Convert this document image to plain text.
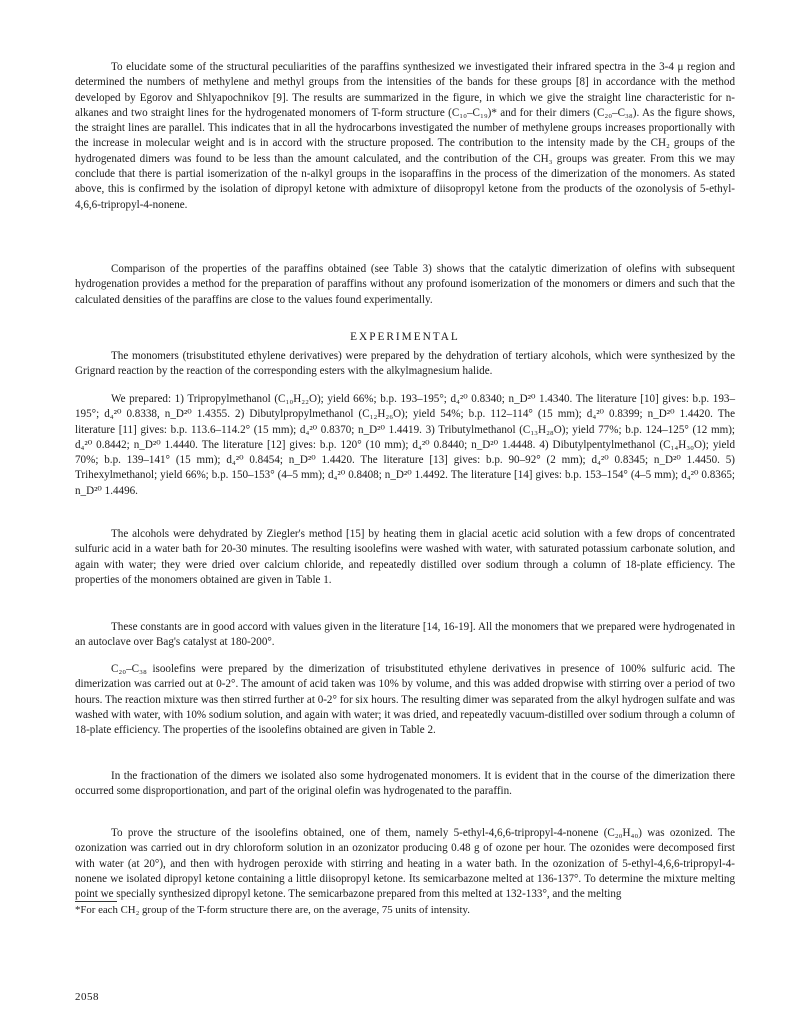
To elucidate some of the structural peculiarities of the paraffins synthesized we investigated their infrared spectra in the 3-4 μ region and determined the numbers of methylene and methyl groups from the intensities of the bands for these groups [8] in accordance with the method developed by Egorov and Shlyapochnikov [9]. The results are summarized in the figure, in which we give the straight line characteristic for n-alkanes and two straight lines for the hydrogenated monomers of T-form structure (C₁₀–C₁₉)* and for their dimers (C₂₀–C₃₈). As the figure shows, the straight lines are parallel. This indicates that in all the hydrocarbons investigated the number of methylene groups increases proportionally with the increase in molecular weight and is in accord with the structure proposed. The contribution to the intensity made by the CH₂ groups of the hydrogenated dimers was found to be less than the amount calculated, and the contribution of the CH₃ groups was greater. From this we may conclude that there is partial isomerization of the n-alkyl groups in the isoparaffins in the process of the dimerization of the monomers. As stated above, this is confirmed by the isolation of dipropyl ketone with admixture of diisopropyl ketone from the products of the ozonolysis of 5-ethyl-4,6,6-tripropyl-4-nonene.

Comparison of the properties of the paraffins obtained (see Table 3) shows that the catalytic dimerization of olefins with subsequent hydrogenation provides a method for the preparation of paraffins without any profound isomerization of the monomers or dimers and such that the calculated densities of the paraffins are close to the values found experimentally.

EXPERIMENTAL

The monomers (trisubstituted ethylene derivatives) were prepared by the dehydration of tertiary alcohols, which were synthesized by the Grignard reaction by the reaction of the corresponding esters with the alkylmagnesium halide.

We prepared: 1) Tripropylmethanol (C₁₀H₂₂O); yield 66%; b.p. 193–195°; d₄²⁰ 0.8340; n_D²⁰ 1.4340. The literature [10] gives: b.p. 193–195°; d₄²⁰ 0.8338, n_D²⁰ 1.4355. 2) Dibutylpropylmethanol (C₁₂H₂₆O); yield 54%; b.p. 112–114° (15 mm); d₄²⁰ 0.8399; n_D²⁰ 1.4420. The literature [11] gives: b.p. 113.6–114.2° (15 mm); d₄²⁰ 0.8370; n_D²⁰ 1.4419. 3) Tributylmethanol (C₁₃H₂₈O); yield 77%; b.p. 124–125° (12 mm); d₄²⁰ 0.8442; n_D²⁰ 1.4440. The literature [12] gives: b.p. 120° (10 mm); d₄²⁰ 0.8440; n_D²⁰ 1.4448. 4) Dibutylpentylmethanol (C₁₄H₃₀O); yield 70%; b.p. 139–141° (15 mm); d₄²⁰ 0.8454; n_D²⁰ 1.4420. The literature [13] gives: b.p. 90–92° (2 mm); d₄²⁰ 0.8345; n_D²⁰ 1.4450. 5) Trihexylmethanol; yield 66%; b.p. 150–153° (4–5 mm); d₄²⁰ 0.8408; n_D²⁰ 1.4492. The literature [14] gives: b.p. 153–154° (4–5 mm); d₄²⁰ 0.8365; n_D²⁰ 1.4496.

The alcohols were dehydrated by Ziegler's method [15] by heating them in glacial acetic acid solution with a few drops of concentrated sulfuric acid in a water bath for 20-30 minutes. The resulting isoolefins were washed with water, with saturated potassium carbonate solution, and again with water; they were dried over calcium chloride, and repeatedly distilled over sodium through a column of 18-plate efficiency. The properties of the monomers obtained are given in Table 1.

These constants are in good accord with values given in the literature [14, 16-19]. All the monomers that we prepared were hydrogenated in an autoclave over Bag's catalyst at 180-200°.

C₂₀–C₃₈ isoolefins were prepared by the dimerization of trisubstituted ethylene derivatives in presence of 100% sulfuric acid. The dimerization was carried out at 0-2°. The amount of acid taken was 10% by volume, and this was added dropwise with stirring over a period of two hours. The reaction mixture was then stirred further at 0-2° for six hours. The resulting dimer was separated from the alkyl hydrogen sulfate and was washed with water, with 10% sodium solution, and again with water; it was dried, and repeatedly vacuum-distilled over sodium through a column of 18-plate efficiency. The properties of the isoolefins obtained are given in Table 2.

In the fractionation of the dimers we isolated also some hydrogenated monomers. It is evident that in the course of the dimerization there occurred some disproportionation, and part of the original olefin was hydrogenated to the paraffin.

To prove the structure of the isoolefins obtained, one of them, namely 5-ethyl-4,6,6-tripropyl-4-nonene (C₂₀H₄₀) was ozonized. The ozonization was carried out in dry chloroform solution in an ozonizator producing 0.48 g of ozone per hour. The ozonides were decomposed first with water (at 20°), and then with hydrogen peroxide with stirring and heating in a water bath. In the ozonization of 5-ethyl-4,6,6-tripropyl-4-nonene we isolated dipropyl ketone containing a little diisopropyl ketone. Its semicarbazone melted at 136-137°. To determine the mixture melting point we specially synthesized dipropyl ketone. The semicarbazone prepared from this melted at 132-133°, and the melting

*For each CH₂ group of the T-form structure there are, on the average, 75 units of intensity.

2058
